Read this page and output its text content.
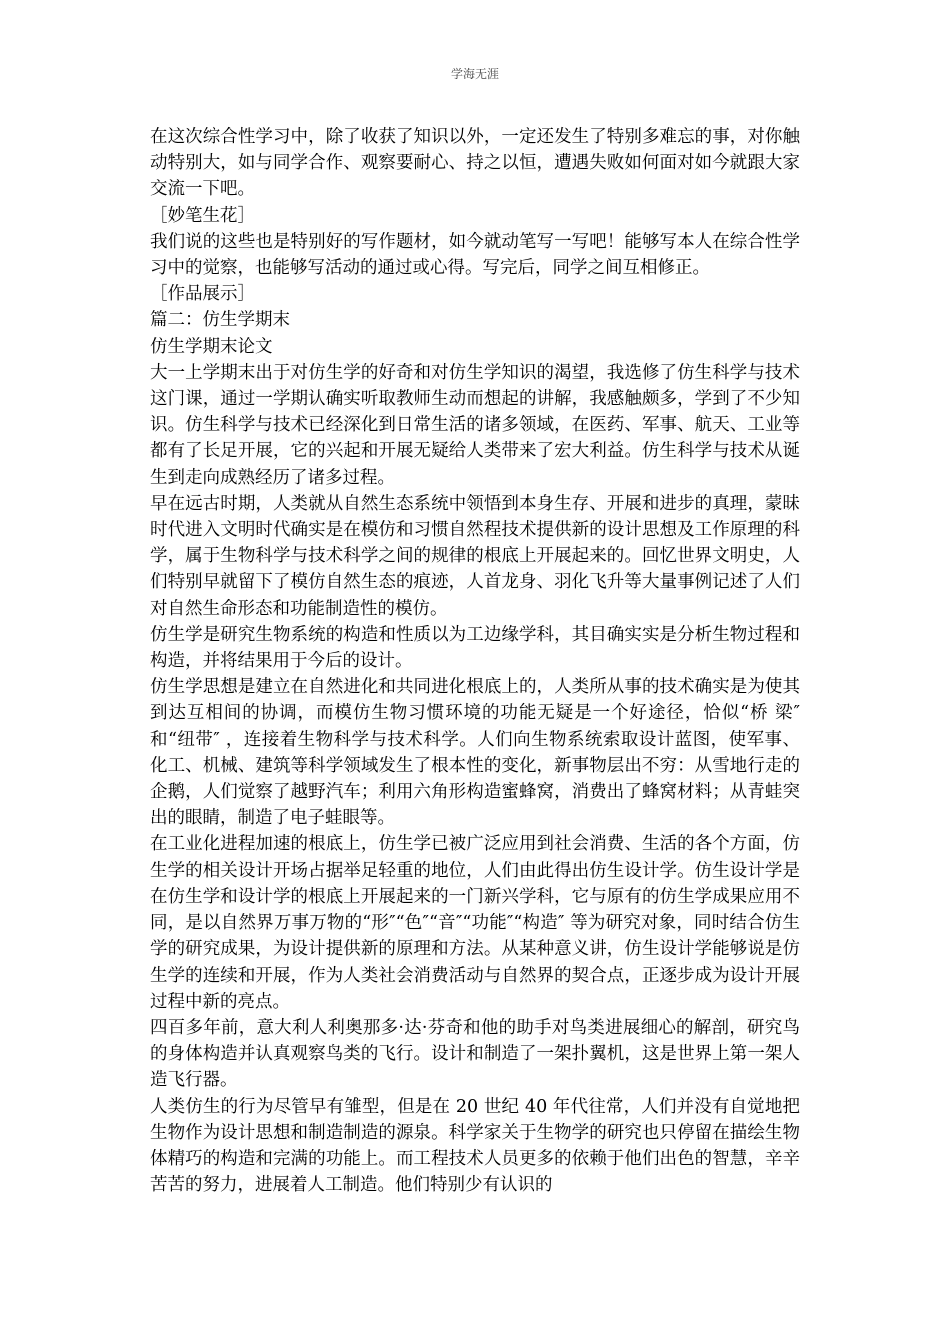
学海无涯

在这次综合性学习中，除了收获了知识以外，一定还发生了特别多难忘的事，对你触动特别大，如与同学合作、观察要耐心、持之以恒，遭遇失败如何面对如今就跟大家交流一下吧。

［妙笔生花］

我们说的这些也是特别好的写作题材，如今就动笔写一写吧！能够写本人在综合性学习中的觉察，也能够写活动的通过或心得。写完后，同学之间互相修正。

［作品展示］

篇二：仿生学期末

仿生学期末论文

大一上学期末出于对仿生学的好奇和对仿生学知识的渴望，我选修了仿生科学与技术这门课，通过一学期认确实听取教师生动而想起的讲解，我感触颇多，学到了不少知识。仿生科学与技术已经深化到日常生活的诸多领域，在医药、军事、航天、工业等都有了长足开展，它的兴起和开展无疑给人类带来了宏大利益。仿生科学与技术从诞生到走向成熟经历了诸多过程。

早在远古时期，人类就从自然生态系统中领悟到本身生存、开展和进步的真理，蒙昧时代进入文明时代确实是在模仿和习惯自然程技术提供新的设计思想及工作原理的科学，属于生物科学与技术科学之间的规律的根底上开展起来的。回忆世界文明史，人们特别早就留下了模仿自然生态的痕迹，人首龙身、羽化飞升等大量事例记述了人们对自然生命形态和功能制造性的模仿。

仿生学是研究生物系统的构造和性质以为工边缘学科，其目确实实是分析生物过程和构造，并将结果用于今后的设计。

仿生学思想是建立在自然进化和共同进化根底上的，人类所从事的技术确实是为使其到达互相间的协调，而模仿生物习惯环境的功能无疑是一个好途径，恰似“桥 梁″ 和“纽带″ ，连接着生物科学与技术科学。人们向生物系统索取设计蓝图，使军事、化工、机械、建筑等科学领域发生了根本性的变化，新事物层出不穷：从雪地行走的企鹅，人们觉察了越野汽车；利用六角形构造蜜蜂窝，消费出了蜂窝材料；从青蛙突出的眼睛，制造了电子蛙眼等。

在工业化进程加速的根底上，仿生学已被广泛应用到社会消费、生活的各个方面，仿生学的相关设计开场占据举足轻重的地位，人们由此得出仿生设计学。仿生设计学是在仿生学和设计学的根底上开展起来的一门新兴学科，它与原有的仿生学成果应用不同，是以自然界万事万物的“形″“色″“音″“功能″“构造″ 等为研究对象，同时结合仿生学的研究成果，为设计提供新的原理和方法。从某种意义讲，仿生设计学能够说是仿生学的连续和开展，作为人类社会消费活动与自然界的契合点，正逐步成为设计开展过程中新的亮点。

四百多年前，意大利人利奥那多·达·芬奇和他的助手对鸟类进展细心的解剖，研究鸟的身体构造并认真观察鸟类的飞行。设计和制造了一架扑翼机，这是世界上第一架人造飞行器。

人类仿生的行为尽管早有雏型，但是在 20 世纪 40 年代往常，人们并没有自觉地把生物作为设计思想和制造制造的源泉。科学家关于生物学的研究也只停留在描绘生物体精巧的构造和完满的功能上。而工程技术人员更多的依赖于他们出色的智慧，辛辛苦苦的努力，进展着人工制造。他们特别少有认识的
